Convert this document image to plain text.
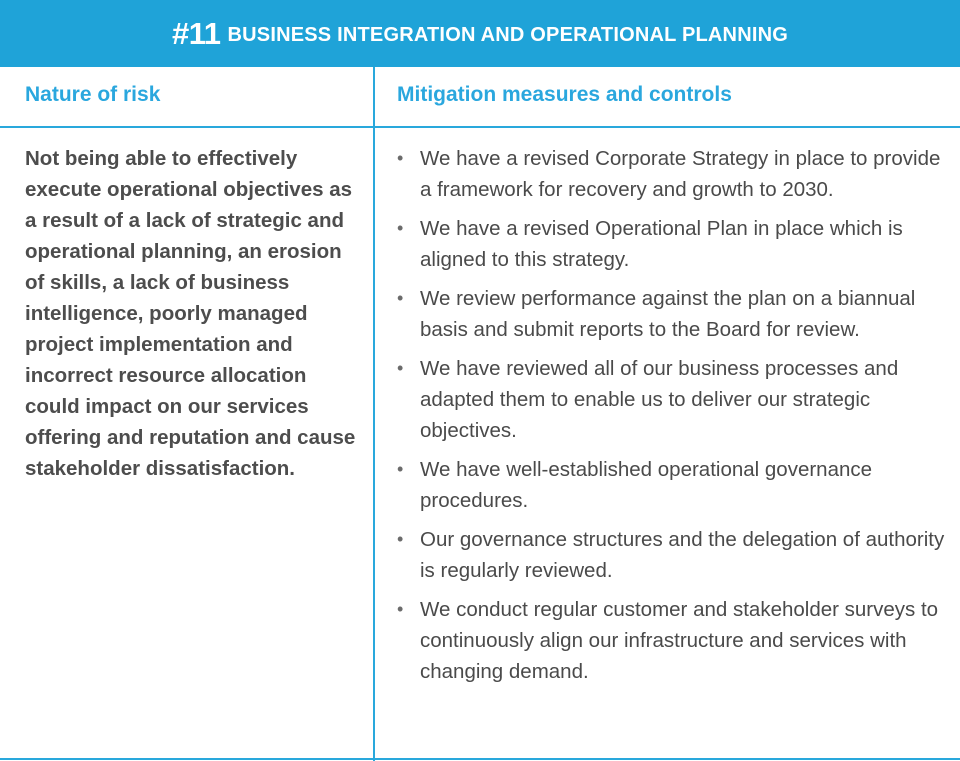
#11 BUSINESS INTEGRATION AND OPERATIONAL PLANNING
Nature of risk	Mitigation measures and controls

Not being able to effectively execute operational objectives as a result of a lack of strategic and operational planning, an erosion of skills, a lack of business intelligence, poorly managed project implementation and incorrect resource allocation could impact on our services offering and reputation and cause stakeholder dissatisfaction.

• We have a revised Corporate Strategy in place to provide a framework for recovery and growth to 2030.
• We have a revised Operational Plan in place which is aligned to this strategy.
• We review performance against the plan on a biannual basis and submit reports to the Board for review.
• We have reviewed all of our business processes and adapted them to enable us to deliver our strategic objectives.
• We have well-established operational governance procedures.
• Our governance structures and the delegation of authority is regularly reviewed.
• We conduct regular customer and stakeholder surveys to continuously align our infrastructure and services with changing demand.
